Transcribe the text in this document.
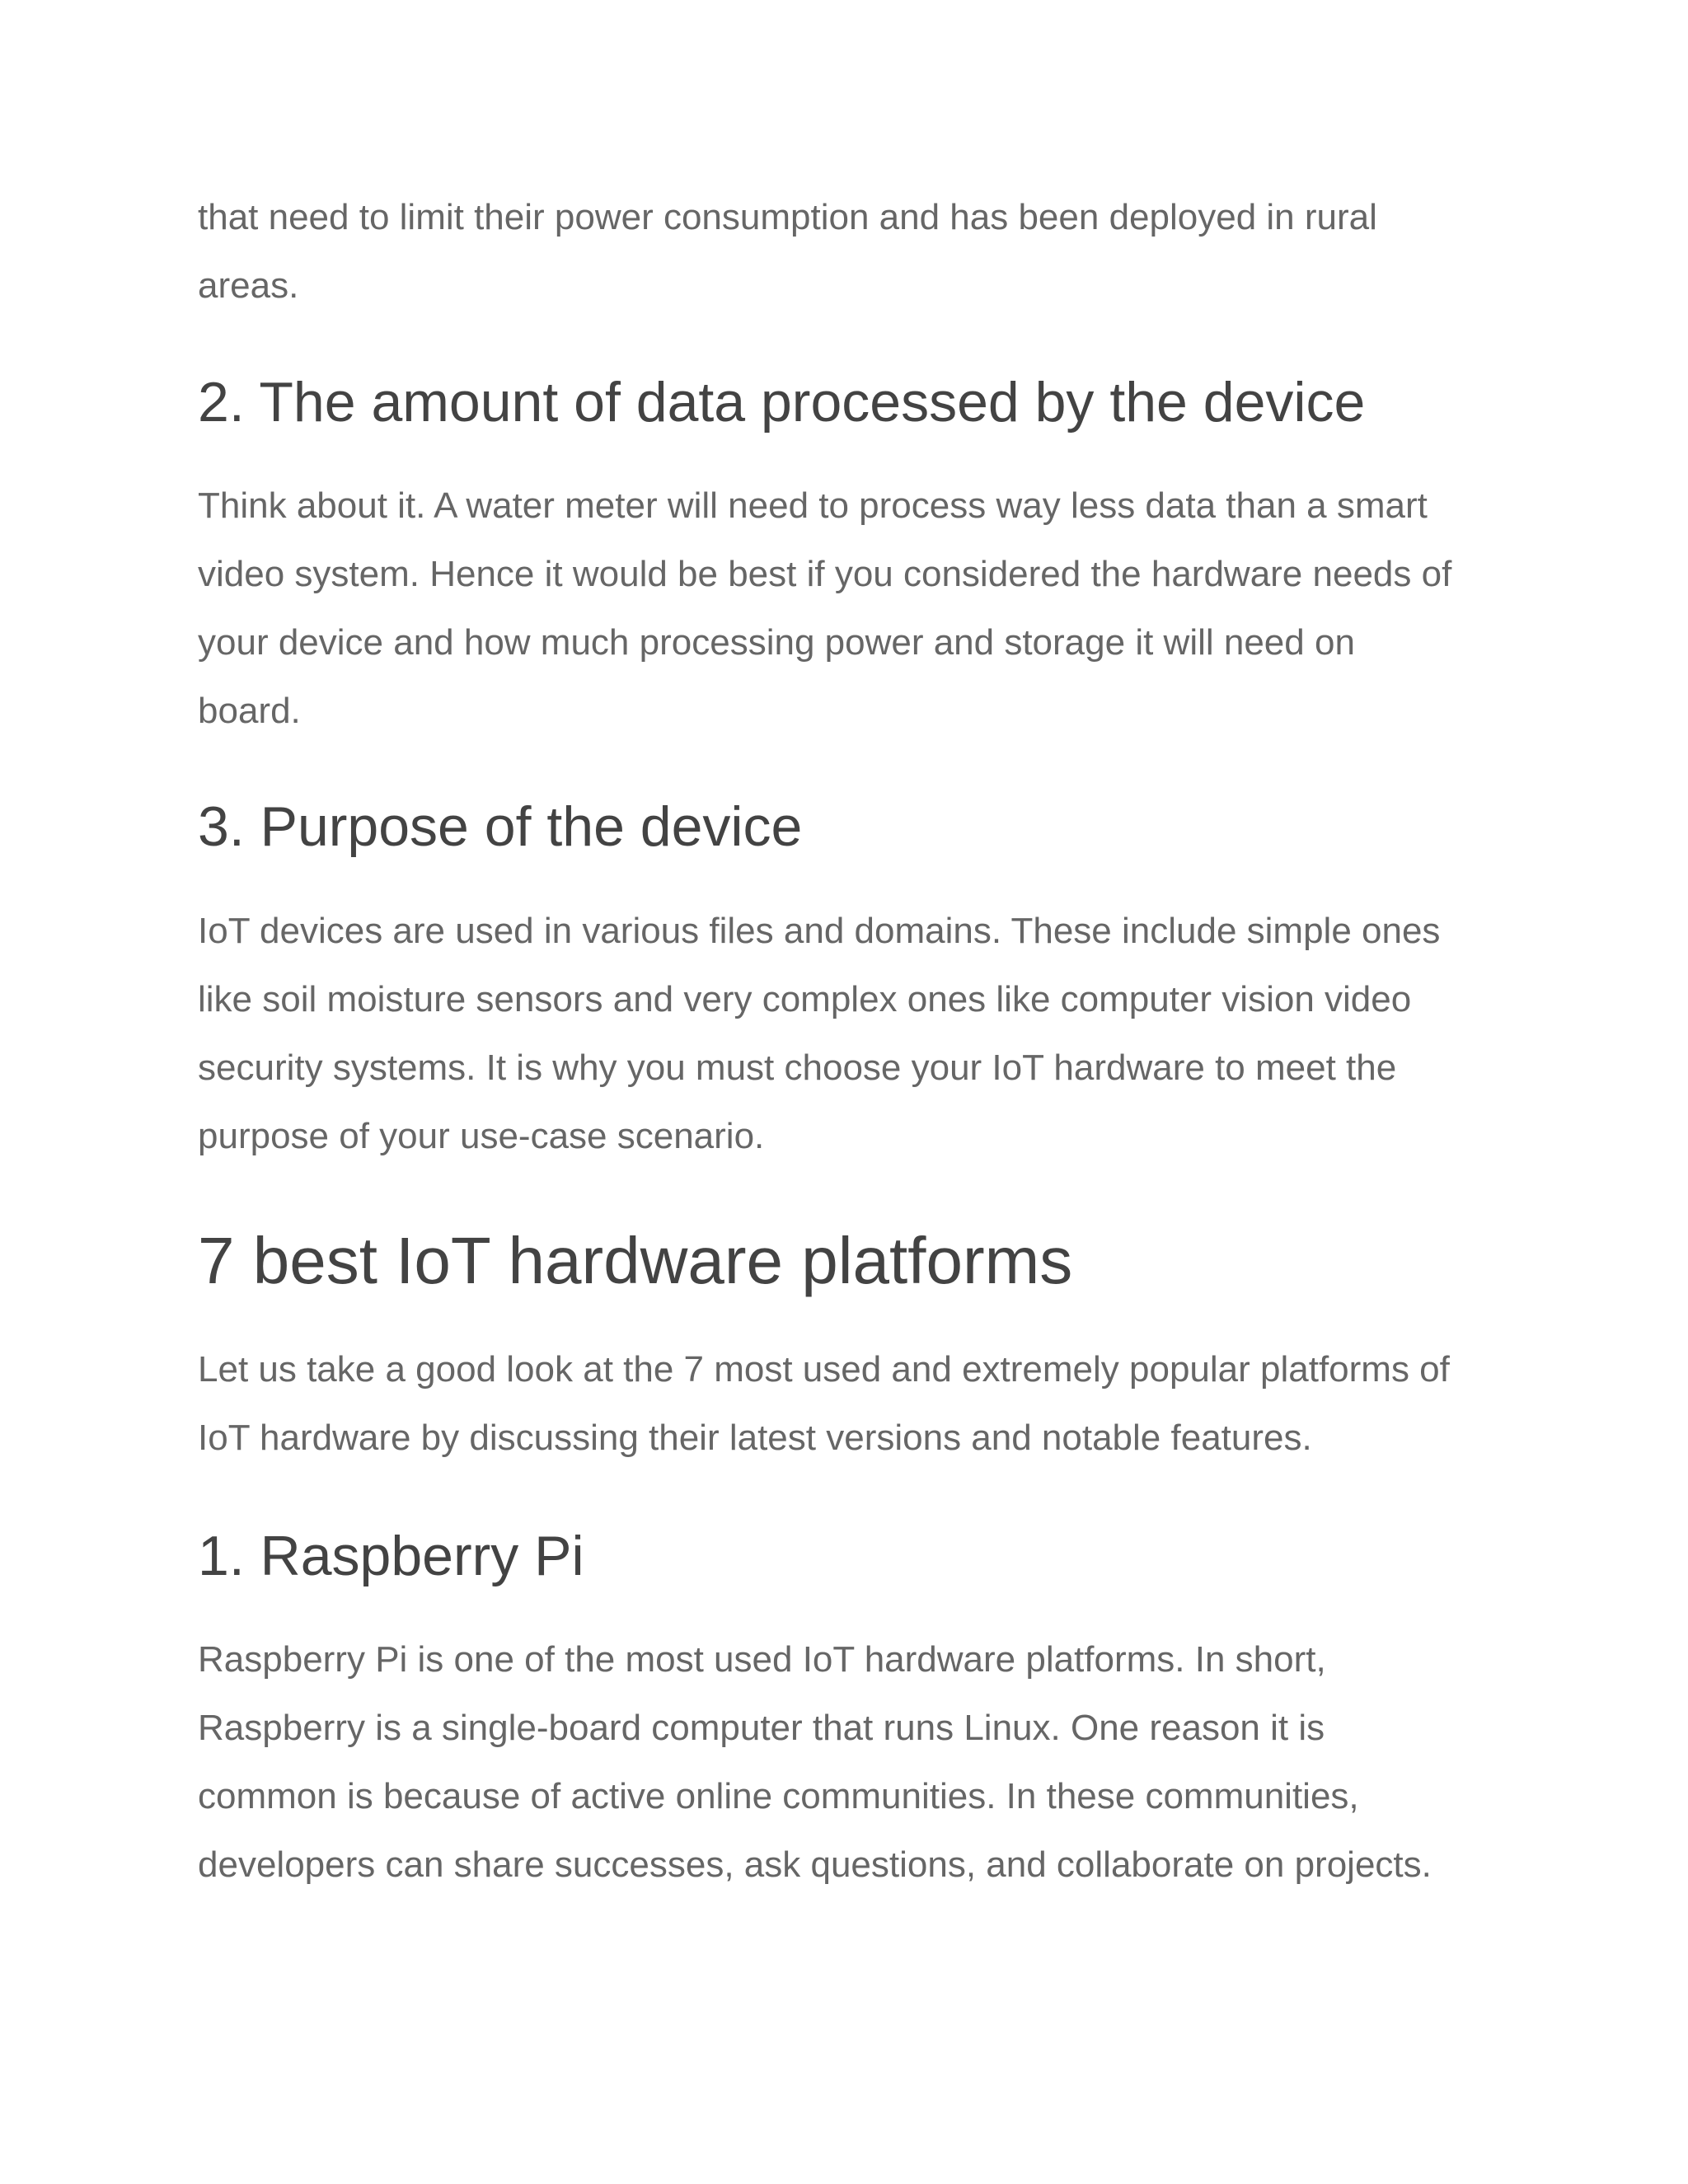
that need to limit their power consumption and has been deployed in rural
areas.
2. The amount of data processed by the device
Think about it. A water meter will need to process way less data than a smart
video system. Hence it would be best if you considered the hardware needs of
your device and how much processing power and storage it will need on
board.
3. Purpose of the device
IoT devices are used in various files and domains. These include simple ones
like soil moisture sensors and very complex ones like computer vision video
security systems. It is why you must choose your IoT hardware to meet the
purpose of your use-case scenario.
7 best IoT hardware platforms
Let us take a good look at the 7 most used and extremely popular platforms of
IoT hardware by discussing their latest versions and notable features.
1. Raspberry Pi
Raspberry Pi is one of the most used IoT hardware platforms. In short,
Raspberry is a single-board computer that runs Linux. One reason it is
common is because of active online communities. In these communities,
developers can share successes, ask questions, and collaborate on projects.
